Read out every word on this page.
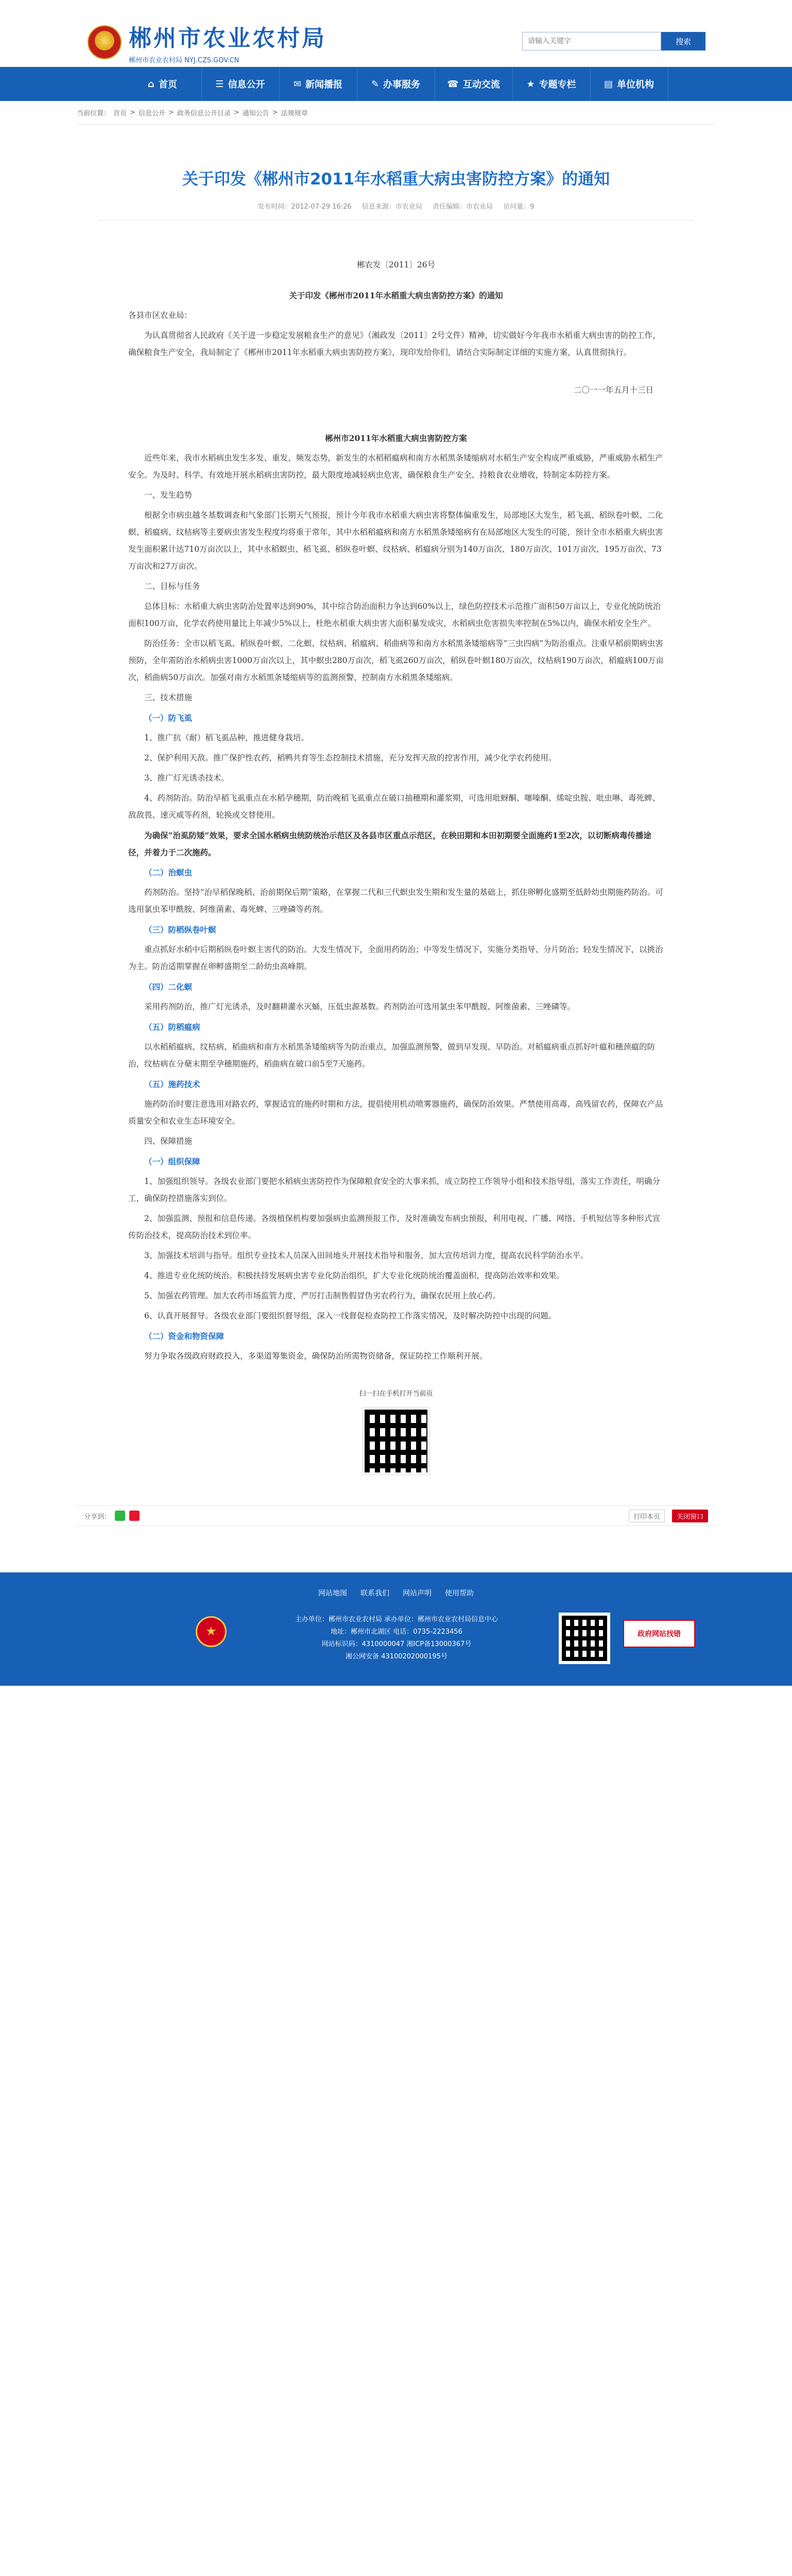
★
郴州市农业农村局
郴州市农业农村局 NYJ.CZS.GOV.CN
请输入关键字
搜索
⌂ 首页	☰ 信息公开	✉ 新闻播报	✎ 办事服务	☎ 互动交流	★ 专题专栏	▤ 单位机构
当前位置： 首页 > 信息公开 > 政务信息公开目录 > 通知公告 > 法规规章
关于印发《郴州市2011年水稻重大病虫害防控方案》的通知
发布时间：2012-07-29 16:26 信息来源：市农业局 责任编辑：市农业局 访问量：9

郴农发〔2011〕26号

关于印发《郴州市2011年水稻重大病虫害防控方案》的通知

各县市区农业局：

为认真贯彻省人民政府《关于进一步稳定发展粮食生产的意见》（湘政发〔2011〕2号文件）精神，切实做好今年我市水稻重大病虫害的防控工作，确保粮食生产安全，我局制定了《郴州市2011年水稻重大病虫害防控方案》，现印发给你们，请结合实际制定详细的实施方案，认真贯彻执行。

二〇一一年五月十三日

郴州市2011年水稻重大病虫害防控方案

近些年来，我市水稻病虫发生多发、重发、频发态势，新发生的水稻稻瘟病和南方水稻黑条矮缩病对水稻生产安全构成严重威胁，严重威胁水稻生产安全。为及时、科学、有效地开展水稻病虫害防控，最大限度地减轻病虫危害，确保粮食生产安全、持粮食农业增收，特制定本防控方案。

一、发生趋势

根据全市病虫越冬基数调查和气象部门长期天气预报，预计今年我市水稻重大病虫害将整体偏重发生，局部地区大发生，稻飞虱、稻纵卷叶螟、二化螟、稻瘟病、纹枯病等主要病虫害发生程度均将重于常年，其中水稻稻瘟病和南方水稻黑条矮缩病有在局部地区大发生的可能，预计全市水稻重大病虫害发生面积累计达710万亩次以上，其中水稻螟虫、稻飞虱、稻纵卷叶螟、纹枯病、稻瘟病分别为140万亩次、180万亩次、101万亩次、195万亩次、73万亩次和27万亩次。

二、目标与任务

总体目标：水稻重大病虫害防治处置率达到90%，其中综合防治面积力争达到60%以上，绿色防控技术示范推广面积50万亩以上，专业化统防统治面积100万亩，化学农药使用量比上年减少5%以上，杜绝水稻重大病虫害大面积暴发成灾，水稻病虫危害损失率控制在5%以内，确保水稻安全生产。

防治任务：全市以稻飞虱、稻纵卷叶螟、二化螟、纹枯病、稻瘟病、稻曲病等和南方水稻黑条矮缩病等“三虫四病”为防治重点。注重早稻前期病虫害预防，全年需防治水稻病虫害1000万亩次以上，其中螟虫280万亩次，稻飞虱260万亩次，稻纵卷叶螟180万亩次，纹枯病190万亩次，稻瘟病100万亩次，稻曲病50万亩次。加强对南方水稻黑条矮缩病等的监测预警，控制南方水稻黑条矮缩病。

三、技术措施

（一）防飞虱

1、推广抗（耐）稻飞虱品种，推进健身栽培。

2、保护利用天敌。推广保护性农药，稻鸭共育等生态控制技术措施，充分发挥天敌的控害作用，减少化学农药使用。

3、推广灯光诱杀技术。

4、药剂防治。防治早稻飞虱重点在水稻孕穗期，防治晚稻飞虱重点在破口抽穗期和灌浆期，可选用吡蚜酮、噻嗪酮、烯啶虫胺、吡虫啉、毒死蜱、敌敌畏、速灭威等药剂，轮换或交替使用。

为确保“治虱防矮”效果，要求全国水稻病虫统防统治示范区及各县市区重点示范区，在秧田期和本田初期要全面施药1至2次，以切断病毒传播途径，并着力于二次施药。

（二）治螟虫

药剂防治。坚持“治早稻保晚稻、治前期保后期”策略，在掌握二代和三代螟虫发生期和发生量的基础上，抓住卵孵化盛期至低龄幼虫期施药防治。可选用氯虫苯甲酰胺、阿维菌素、毒死蜱、三唑磷等药剂。

（三）防稻纵卷叶螟

重点抓好水稻中后期稻纵卷叶螟主害代的防治。大发生情况下，全面用药防治；中等发生情况下，实施分类指导、分片防治；轻发生情况下，以挑治为主。防治适期掌握在卵孵盛期至二龄幼虫高峰期。

（四）二化螟

采用药剂防治，推广灯光诱杀，及时翻耕灌水灭蛹，压低虫源基数。药剂防治可选用氯虫苯甲酰胺、阿维菌素、三唑磷等。

（五）防稻瘟病

以水稻稻瘟病、纹枯病、稻曲病和南方水稻黑条矮缩病等为防治重点，加强监测预警，做到早发现、早防治。对稻瘟病重点抓好叶瘟和穗颈瘟的防治，纹枯病在分蘖末期至孕穗期施药，稻曲病在破口前5至7天施药。

（五）施药技术

施药防治时要注意选用对路农药，掌握适宜的施药时期和方法，提倡使用机动喷雾器施药，确保防治效果。严禁使用高毒、高残留农药，保障农产品质量安全和农业生态环境安全。

四、保障措施

（一）组织保障

1、加强组织领导。各级农业部门要把水稻病虫害防控作为保障粮食安全的大事来抓，成立防控工作领导小组和技术指导组，落实工作责任，明确分工，确保防控措施落实到位。

2、加强监测、预报和信息传递。各级植保机构要加强病虫监测预报工作，及时准确发布病虫预报，利用电视、广播、网络、手机短信等多种形式宣传防治技术，提高防治技术到位率。

3、加强技术培训与指导。组织专业技术人员深入田间地头开展技术指导和服务，加大宣传培训力度，提高农民科学防治水平。

4、推进专业化统防统治。积极扶持发展病虫害专业化防治组织，扩大专业化统防统治覆盖面积，提高防治效率和效果。

5、加强农药管理。加大农药市场监管力度，严厉打击制售假冒伪劣农药行为，确保农民用上放心药。

6、认真开展督导。各级农业部门要组织督导组，深入一线督促检查防控工作落实情况，及时解决防控中出现的问题。

（二）资金和物资保障

努力争取各级政府财政投入，多渠道筹集资金，确保防治所需物资储备，保证防控工作顺利开展。

扫一扫在手机打开当前页
分享到：	打印本页	关闭窗口
网站地图 联系我们 网站声明 使用帮助
★
主办单位：郴州市农业农村局 承办单位：郴州市农业农村局信息中心
地址：郴州市北湖区 电话：0735-2223456
网站标识码：4310000047 湘ICP备13000367号
湘公网安备 43100202000195号
政府网站找错
